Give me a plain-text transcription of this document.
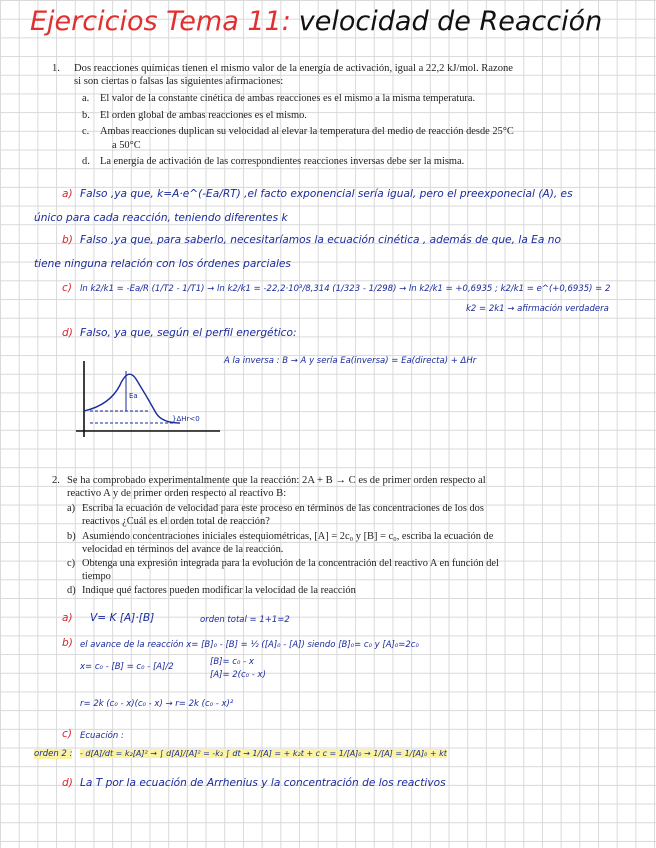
Ejercicios Tema 11: velocidad de Reacción
1. Dos reacciones químicas tienen el mismo valor de la energía de activación, igual a 22,2 kJ/mol. Razone
si son ciertas o falsas las siguientes afirmaciones:
a. El valor de la constante cinética de ambas reacciones es el mismo a la misma temperatura.
b. El orden global de ambas reacciones es el mismo.
c. Ambas reacciones duplican su velocidad al elevar la temperatura del medio de reacción desde 25°C
a 50°C
d. La energía de activación de las correspondientes reacciones inversas debe ser la misma.
a) Falso ,ya que, k=A·e^(-Ea/RT) ,el facto exponencial sería igual, pero el preexponecial (A), es
único para cada reacción, teniendo diferentes k
b) Falso ,ya que, para saberlo, necesitaríamos la ecuación cinética , además de que, la Ea no
tiene ninguna relación con los órdenes parciales
c) ln k2/k1 = -Ea/R (1/T2 - 1/T1) → ln k2/k1 = -22,2·10³/8,314 (1/323 - 1/298) → ln k2/k1 = +0,6935 ; k2/k1 = e^(+0,6935) = 2
k2 = 2k1 → afirmación verdadera
d) Falso, ya que, según el perfil energético:
A la inversa : B → A y sería Ea(inversa) = Ea(directa) + ΔHr
Ea
}ΔHr<0
2. Se ha comprobado experimentalmente que la reacción: 2A + B → C es de primer orden respecto al
reactivo A y de primer orden respecto al reactivo B:
a) Escriba la ecuación de velocidad para este proceso en términos de las concentraciones de los dos
reactivos ¿Cuál es el orden total de reacción?
b) Asumiendo concentraciones iniciales estequiométricas, [A] = 2c₀ y [B] = c₀, escriba la ecuación de
velocidad en términos del avance de la reacción.
c) Obtenga una expresión integrada para la evolución de la concentración del reactivo A en función del
tiempo
d) Indique qué factores pueden modificar la velocidad de la reacción
a) V= K [A]·[B]	orden total = 1+1=2
b) el avance de la reacción x= [B]₀ - [B] = ½ ([A]₀ - [A]) siendo [B]₀= c₀ y [A]₀=2c₀
x= c₀ - [B] = c₀ - [A]/2	[B]= c₀ - x
[A]= 2(c₀ - x)
r= 2k (c₀ - x)(c₀ - x) → r= 2k (c₀ - x)²
c) Ecuación :
orden 2 : - d[A]/dt = k₂[A]² → ∫ d[A]/[A]² = -k₂ ∫ dt → 1/[A] = + k₂t + c c = 1/[A]₀ → 1/[A] = 1/[A]₀ + kt
d) La T por la ecuación de Arrhenius y la concentración de los reactivos
